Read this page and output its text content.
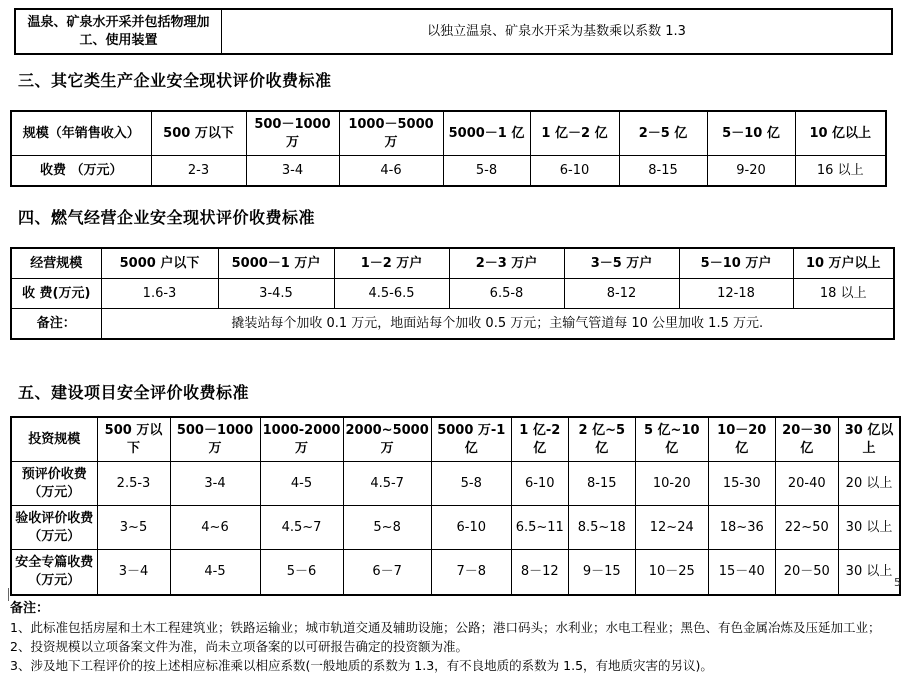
温泉、矿泉水开采并包括物理加工、使用装置	以独立温泉、矿泉水开采为基数乘以系数 1.3
三、其它类生产企业安全现状评价收费标准
规模（年销售收入）	500 万以下	500－1000 万	1000－5000 万	5000－1 亿	1 亿－2 亿	2－5 亿	5－10 亿	10 亿以上
收费 （万元）	2-3	3-4	4-6	5-8	6-10	8-15	9-20	16 以上
四、燃气经营企业安全现状评价收费标准
经营规模	5000 户以下	5000－1 万户	1－2 万户	2－3 万户	3－5 万户	5－10 万户	10 万户以上
收 费(万元)	1.6-3	3-4.5	4.5-6.5	6.5-8	8-12	12-18	18 以上
备注：	撬装站每个加收 0.1 万元，地面站每个加收 0.5 万元；主输气管道每 10 公里加收 1.5 万元.						
五、建设项目安全评价收费标准
投资规模	500 万以下	500－1000 万	1000-2000 万	2000~5000万	5000 万-1 亿	1 亿-2 亿	2 亿~5 亿	5 亿~10 亿	10－20 亿	20－30 亿	30 亿以上
预评价收费（万元）	2.5-3	3-4	4-5	4.5-7	5-8	6-10	8-15	10-20	15-30	20-40	20 以上
验收评价收费（万元）	3~5	4~6	4.5~7	5~8	6-10	6.5~11	8.5~18	12~24	18~36	22~50	30 以上
安全专篇收费（万元）	3－4	4-5	5－6	6－7	7－8	8－12	9－15	10－25	15－40	20－50	30 以上
备注：
1、此标准包括房屋和土木工程建筑业；铁路运输业；城市轨道交通及辅助设施；公路；港口码头；水利业；水电工程业；黑色、有色金属冶炼及压延加工业；
2、投资规模以立项备案文件为准，尚未立项备案的以可研报告确定的投资额为准。
3、涉及地下工程评价的按上述相应标准乘以相应系数(一般地质的系数为 1.3，有不良地质的系数为 1.5，有地质灾害的另议)。
5
